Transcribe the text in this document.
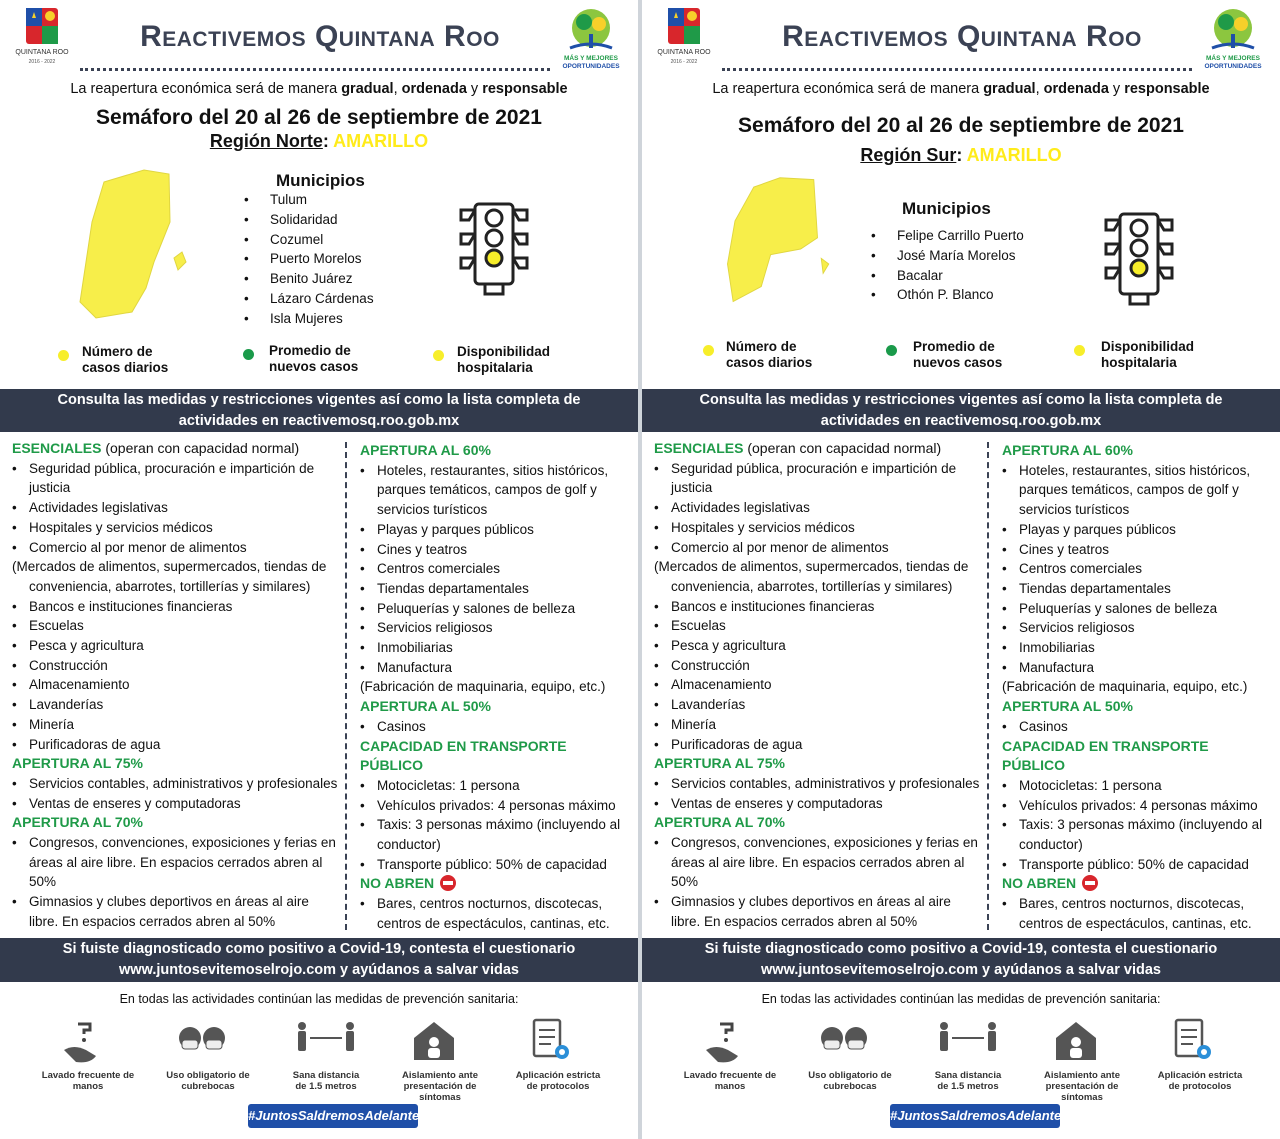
QUINTANA ROO
2016 - 2022
Reactivemos Quintana Roo
MÁS Y MEJORES
OPORTUNIDADES
La reapertura económica será de manera gradual, ordenada y responsable
Semáforo del 20 al 26 de septiembre de 2021
Región Norte: AMARILLO
Municipios
• Tulum
• Solidaridad
• Cozumel
• Puerto Morelos
• Benito Juárez
• Lázaro Cárdenas
• Isla Mujeres
Número de
casos diarios
Promedio de
nuevos casos
Disponibilidad
hospitalaria
Consulta las medidas y restricciones vigentes así como la lista completa de
actividades en reactivemosq.roo.gob.mx
ESENCIALES (operan con capacidad normal)
• Seguridad pública, procuración e impartición de
justicia
• Actividades legislativas
• Hospitales y servicios médicos
• Comercio al por menor de alimentos
(Mercados de alimentos, supermercados, tiendas de
conveniencia, abarrotes, tortillerías y similares)
• Bancos e instituciones financieras
• Escuelas
• Pesca y agricultura
• Construcción
• Almacenamiento
• Lavanderías
• Minería
• Purificadoras de agua
APERTURA AL 75%
• Servicios contables, administrativos y profesionales
• Ventas de enseres y computadoras
APERTURA AL 70%
• Congresos, convenciones, exposiciones y ferias en
áreas al aire libre. En espacios cerrados abren al
50%
• Gimnasios y clubes deportivos en áreas al aire
libre. En espacios cerrados abren al 50%
APERTURA AL 60%
• Hoteles, restaurantes, sitios históricos,
parques temáticos, campos de golf y
servicios turísticos
• Playas y parques públicos
• Cines y teatros
• Centros comerciales
• Tiendas departamentales
• Peluquerías y salones de belleza
• Servicios religiosos
• Inmobiliarias
• Manufactura
(Fabricación de maquinaria, equipo, etc.)
APERTURA AL 50%
• Casinos
CAPACIDAD EN TRANSPORTE PÚBLICO
• Motocicletas: 1 persona
• Vehículos privados: 4 personas máximo
• Taxis: 3 personas máximo (incluyendo al
conductor)
• Transporte público: 50% de capacidad
NO ABREN
• Bares, centros nocturnos, discotecas,
centros de espectáculos, cantinas, etc.
Si fuiste diagnosticado como positivo a Covid-19, contesta el cuestionario
www.juntosevitemoselrojo.com y ayúdanos a salvar vidas
En todas las actividades continúan las medidas de prevención sanitaria:
Lavado frecuente de
manos
Uso obligatorio de
cubrebocas
Sana distancia
de 1.5 metros
Aislamiento ante
presentación de
síntomas
Aplicación estricta
de protocolos
#JuntosSaldremosAdelante
QUINTANA ROO
2016 - 2022
Reactivemos Quintana Roo
MÁS Y MEJORES
OPORTUNIDADES
La reapertura económica será de manera gradual, ordenada y responsable
Semáforo del 20 al 26 de septiembre de 2021
Región Sur: AMARILLO
Municipios
• Felipe Carrillo Puerto
• José María Morelos
• Bacalar
• Othón P. Blanco
Número de
casos diarios
Promedio de
nuevos casos
Disponibilidad
hospitalaria
Consulta las medidas y restricciones vigentes así como la lista completa de
actividades en reactivemosq.roo.gob.mx
ESENCIALES (operan con capacidad normal)
• Seguridad pública, procuración e impartición de
justicia
• Actividades legislativas
• Hospitales y servicios médicos
• Comercio al por menor de alimentos
(Mercados de alimentos, supermercados, tiendas de
conveniencia, abarrotes, tortillerías y similares)
• Bancos e instituciones financieras
• Escuelas
• Pesca y agricultura
• Construcción
• Almacenamiento
• Lavanderías
• Minería
• Purificadoras de agua
APERTURA AL 75%
• Servicios contables, administrativos y profesionales
• Ventas de enseres y computadoras
APERTURA AL 70%
• Congresos, convenciones, exposiciones y ferias en
áreas al aire libre. En espacios cerrados abren al
50%
• Gimnasios y clubes deportivos en áreas al aire
libre. En espacios cerrados abren al 50%
APERTURA AL 60%
• Hoteles, restaurantes, sitios históricos,
parques temáticos, campos de golf y
servicios turísticos
• Playas y parques públicos
• Cines y teatros
• Centros comerciales
• Tiendas departamentales
• Peluquerías y salones de belleza
• Servicios religiosos
• Inmobiliarias
• Manufactura
(Fabricación de maquinaria, equipo, etc.)
APERTURA AL 50%
• Casinos
CAPACIDAD EN TRANSPORTE PÚBLICO
• Motocicletas: 1 persona
• Vehículos privados: 4 personas máximo
• Taxis: 3 personas máximo (incluyendo al
conductor)
• Transporte público: 50% de capacidad
NO ABREN
• Bares, centros nocturnos, discotecas,
centros de espectáculos, cantinas, etc.
Si fuiste diagnosticado como positivo a Covid-19, contesta el cuestionario
www.juntosevitemoselrojo.com y ayúdanos a salvar vidas
En todas las actividades continúan las medidas de prevención sanitaria:
Lavado frecuente de
manos
Uso obligatorio de
cubrebocas
Sana distancia
de 1.5 metros
Aislamiento ante
presentación de
síntomas
Aplicación estricta
de protocolos
#JuntosSaldremosAdelante
